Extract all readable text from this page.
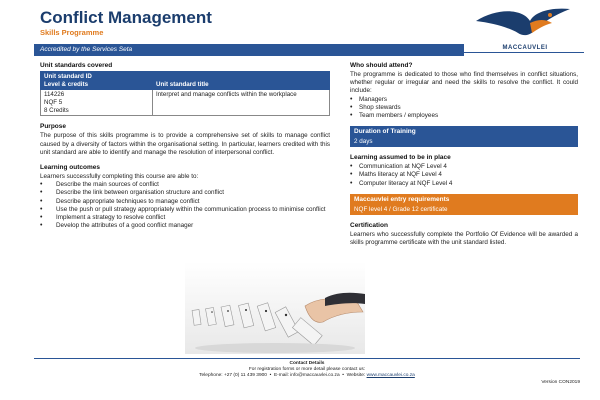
Conflict Management
Skills Programme
MACCAUVLEI
Accredited by the Services Seta
Unit standards covered
Unit standard ID
Level & credits	Unit standard title

114226
NQF 5
8 Credits	Interpret and manage conflicts within the workplace
Purpose
The purpose of this skills programme is to provide a comprehensive set of skills to manage conflict caused by a diversity of factors within the organisational setting. In particular, learners credited with this unit standard are able to identify and manage the resolution of interpersonal conflict.
Learning outcomes
Learners successfully completing this course are able to:
• Describe the main sources of conflict
• Describe the link between organisation structure and conflict
• Describe appropriate techniques to manage conflict
• Use the push or pull strategy appropriately within the communication process to minimise conflict
• Implement a strategy to resolve conflict
• Develop the attributes of a good conflict manager
Who should attend?
The programme is dedicated to those who find themselves in conflict situations, whether regular or irregular and need the skills to resolve the conflict. It could include:
• Managers
• Shop stewards
• Team members / employees
Duration of Training
2 days
Learning assumed to be in place
• Communication at NQF Level 4
• Maths literacy at NQF Level 4
• Computer literacy at NQF Level 4
Maccauvlei entry requirements
NQF level 4 / Grade 12 certificate
Certification
Learners who successfully complete the Portfolio Of Evidence will be awarded a skills programme certificate with the unit standard listed.
Contact Details
For registration forms or more detail please contact us:
Telephone: +27 (0) 11 439 3900  •  E-mail: info@maccauvlei.co.za  •  Website: www.maccauvlei.co.za
Version CON2019
